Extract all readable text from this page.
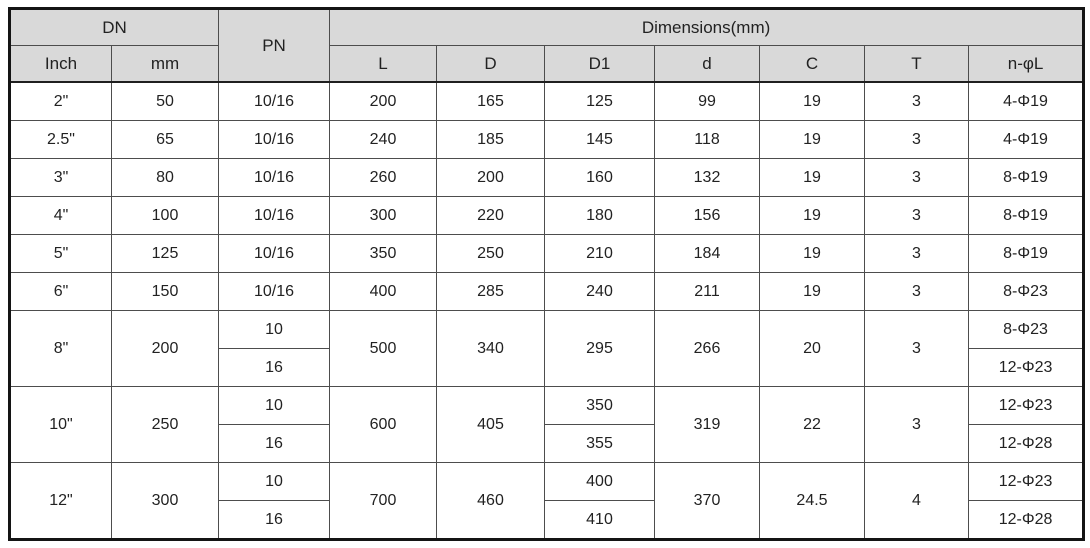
DN		PN	Dimensions(mm)						
Inch	mm		L	D	D1	d	C	T	n-φL
2"	50	10/16	200	165	125	99	19	3	4-Φ19
2.5"	65	10/16	240	185	145	118	19	3	4-Φ19
3"	80	10/16	260	200	160	132	19	3	8-Φ19
4"	100	10/16	300	220	180	156	19	3	8-Φ19
5"	125	10/16	350	250	210	184	19	3	8-Φ19
6"	150	10/16	400	285	240	211	19	3	8-Φ23
8"	200	10	500	340	295	266	20	3	8-Φ23
		16							12-Φ23
10"	250	10	600	405	350	319	22	3	12-Φ23
		16			355				12-Φ28
12"	300	10	700	460	400	370	24.5	4	12-Φ23
		16			410				12-Φ28
